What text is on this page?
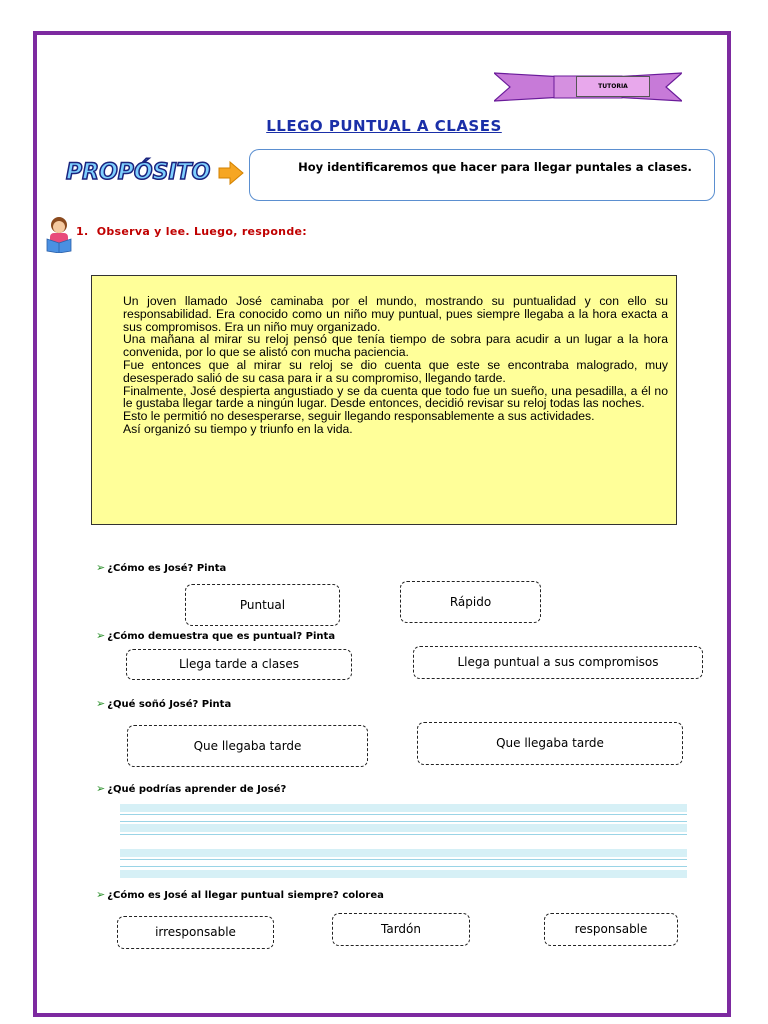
TUTORIA
LLEGO PUNTUAL A CLASES
PROPÓSITO	Hoy identificaremos que hacer para llegar puntales a clases.
1. Observa y lee. Luego, responde:

Un joven llamado José caminaba por el mundo, mostrando su puntualidad y con ello su responsabilidad. Era conocido como un niño muy puntual, pues siempre llegaba a la hora exacta a sus compromisos. Era un niño muy organizado.

Una mañana al mirar su reloj pensó que tenía tiempo de sobra para acudir a un lugar a la hora convenida, por lo que se alistó con mucha paciencia.

Fue entonces que al mirar su reloj se dio cuenta que este se encontraba malogrado, muy desesperado salió de su casa para ir a su compromiso, llegando tarde.

Finalmente, José despierta angustiado y se da cuenta que todo fue un sueño, una pesadilla, a él no le gustaba llegar tarde a ningún lugar. Desde entonces, decidió revisar su reloj todas las noches.

Esto le permitió no desesperarse, seguir llegando responsablemente a sus actividades.

Así organizó su tiempo y triunfo en la vida.

➢ ¿Cómo es José? Pinta
Puntual	Rápido
➢ ¿Cómo demuestra que es puntual? Pinta
Llega tarde a clases	Llega puntual a sus compromisos
➢ ¿Qué soñó José? Pinta
Que llegaba tarde	Que llegaba tarde
➢ ¿Qué podrías aprender de José?
➢ ¿Cómo es José al llegar puntual siempre? colorea
irresponsable	Tardón	responsable
